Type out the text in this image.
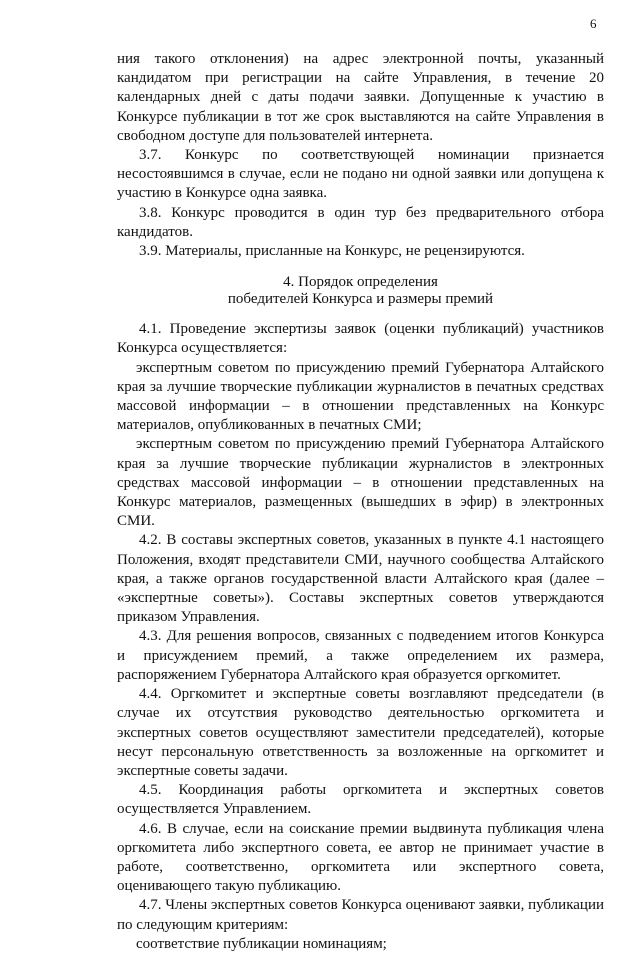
6

ния такого отклонения) на адрес электронной почты, указанный кандидатом при регистрации на сайте Управления, в течение 20 календарных дней с даты подачи заявки. Допущенные к участию в Конкурсе публикации в тот же срок выставляются на сайте Управления в свободном доступе для пользователей интернета.

3.7. Конкурс по соответствующей номинации признается несостоявшимся в случае, если не подано ни одной заявки или допущена к участию в Конкурсе одна заявка.

3.8. Конкурс проводится в один тур без предварительного отбора кандидатов.

3.9. Материалы, присланные на Конкурс, не рецензируются.

4. Порядок определения
победителей Конкурса и размеры премий

4.1. Проведение экспертизы заявок (оценки публикаций) участников Конкурса осуществляется:

экспертным советом по присуждению премий Губернатора Алтайского края за лучшие творческие публикации журналистов в печатных средствах массовой информации – в отношении представленных на Конкурс материалов, опубликованных в печатных СМИ;

экспертным советом по присуждению премий Губернатора Алтайского края за лучшие творческие публикации журналистов в электронных средствах массовой информации – в отношении представленных на Конкурс материалов, размещенных (вышедших в эфир) в электронных СМИ.

4.2. В составы экспертных советов, указанных в пункте 4.1 настоящего Положения, входят представители СМИ, научного сообщества Алтайского края, а также органов государственной власти Алтайского края (далее – «экспертные советы»). Составы экспертных советов утверждаются приказом Управления.

4.3. Для решения вопросов, связанных с подведением итогов Конкурса и присуждением премий, а также определением их размера, распоряжением Губернатора Алтайского края образуется оргкомитет.

4.4. Оргкомитет и экспертные советы возглавляют председатели (в случае их отсутствия руководство деятельностью оргкомитета и экспертных советов осуществляют заместители председателей), которые несут персональную ответственность за возложенные на оргкомитет и экспертные советы задачи.

4.5. Координация работы оргкомитета и экспертных советов осуществляется Управлением.

4.6. В случае, если на соискание премии выдвинута публикация члена оргкомитета либо экспертного совета, ее автор не принимает участие в работе, соответственно, оргкомитета или экспертного совета, оценивающего такую публикацию.

4.7. Члены экспертных советов Конкурса оценивают заявки, публикации по следующим критериям:

соответствие публикации номинациям;
